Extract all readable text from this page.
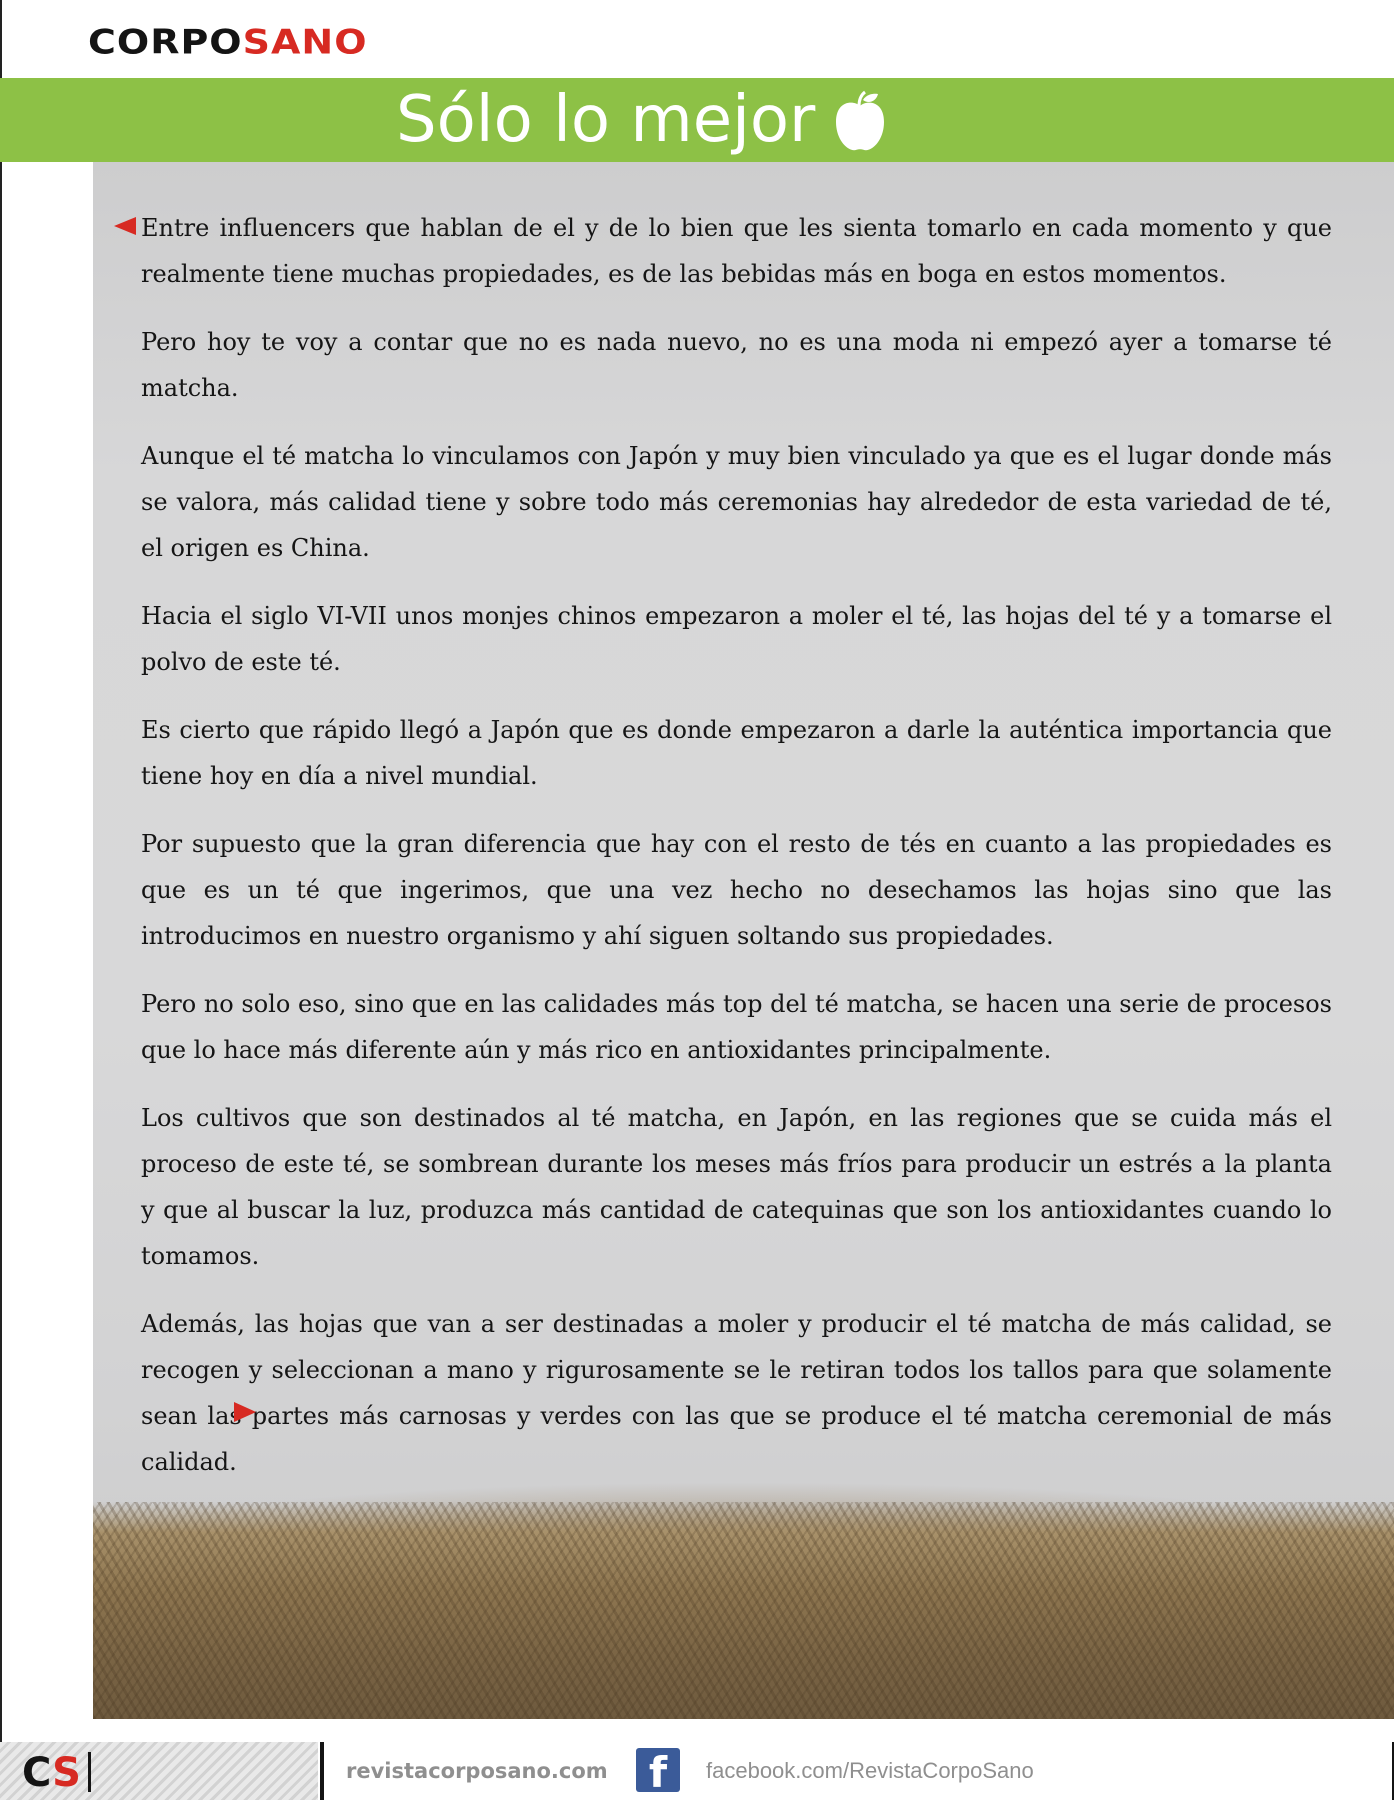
CORPOSANO
Sólo lo mejor

Entre influencers que hablan de el y de lo bien que les sienta tomarlo en cada momento y que realmente tiene muchas propiedades, es de las bebidas más en boga en estos momentos.

Pero hoy te voy a contar que no es nada nuevo, no es una moda ni empezó ayer a tomarse té matcha.

Aunque el té matcha lo vinculamos con Japón y muy bien vinculado ya que es el lugar donde más se valora, más calidad tiene y sobre todo más ceremonias hay alrededor de esta variedad de té, el origen es China.

Hacia el siglo VI-VII unos monjes chinos empezaron a moler el té, las hojas del té y a tomarse el polvo de este té.

Es cierto que rápido llegó a Japón que es donde empezaron a darle la auténtica importancia que tiene hoy en día a nivel mundial.

Por supuesto que la gran diferencia que hay con el resto de tés en cuanto a las propiedades es que es un té que ingerimos, que una vez hecho no desechamos las hojas sino que las introducimos en nuestro organismo y ahí siguen soltando sus propiedades.

Pero no solo eso, sino que en las calidades más top del té matcha, se hacen una serie de procesos que lo hace más diferente aún y más rico en antioxidantes principalmente.

Los cultivos que son destinados al té matcha, en Japón, en las regiones que se cuida más el proceso de este té, se sombrean durante los meses más fríos para producir un estrés a la planta y que al buscar la luz, produzca más cantidad de catequinas que son los antioxidantes cuando lo tomamos.

Además, las hojas que van a ser destinadas a moler y producir el té matcha de más calidad, se recogen y seleccionan a mano y rigurosamente se le retiran todos los tallos para que solamente sean las partes más carnosas y verdes con las que se produce el té matcha ceremonial de más calidad.

CS	revistacorposano.com f	facebook.com/RevistaCorpoSano
